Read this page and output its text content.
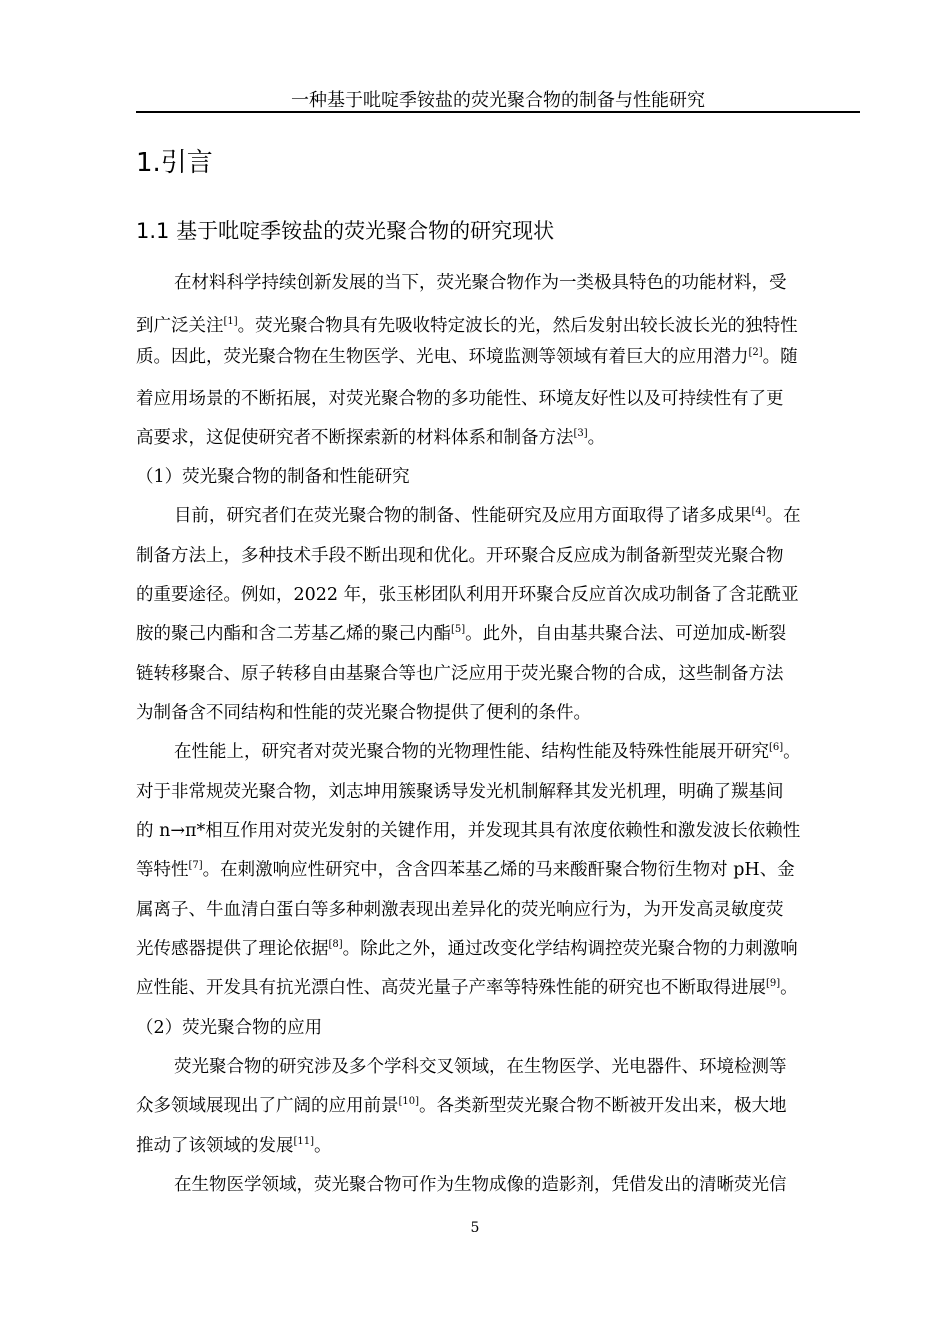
一种基于吡啶季铵盐的荧光聚合物的制备与性能研究
1.引言
1.1 基于吡啶季铵盐的荧光聚合物的研究现状
在材料科学持续创新发展的当下，荧光聚合物作为一类极具特色的功能材料，受
到广泛关注[1]。荧光聚合物具有先吸收特定波长的光，然后发射出较长波长光的独特性
质。因此，荧光聚合物在生物医学、光电、环境监测等领域有着巨大的应用潜力[2]。随
着应用场景的不断拓展，对荧光聚合物的多功能性、环境友好性以及可持续性有了更
高要求，这促使研究者不断探索新的材料体系和制备方法[3]。
（1）荧光聚合物的制备和性能研究
目前，研究者们在荧光聚合物的制备、性能研究及应用方面取得了诸多成果[4]。在
制备方法上，多种技术手段不断出现和优化。开环聚合反应成为制备新型荧光聚合物
的重要途径。例如，2022 年，张玉彬团队利用开环聚合反应首次成功制备了含苝酰亚
胺的聚己内酯和含二芳基乙烯的聚己内酯[5]。此外，自由基共聚合法、可逆加成-断裂
链转移聚合、原子转移自由基聚合等也广泛应用于荧光聚合物的合成，这些制备方法
为制备含不同结构和性能的荧光聚合物提供了便利的条件。
在性能上，研究者对荧光聚合物的光物理性能、结构性能及特殊性能展开研究[6]。
对于非常规荧光聚合物，刘志坤用簇聚诱导发光机制解释其发光机理，明确了羰基间
的 n→π*相互作用对荧光发射的关键作用，并发现其具有浓度依赖性和激发波长依赖性
等特性[7]。在刺激响应性研究中，含含四苯基乙烯的马来酸酐聚合物衍生物对 pH、金
属离子、牛血清白蛋白等多种刺激表现出差异化的荧光响应行为，为开发高灵敏度荧
光传感器提供了理论依据[8]。除此之外，通过改变化学结构调控荧光聚合物的力刺激响
应性能、开发具有抗光漂白性、高荧光量子产率等特殊性能的研究也不断取得进展[9]。
（2）荧光聚合物的应用
荧光聚合物的研究涉及多个学科交叉领域，在生物医学、光电器件、环境检测等
众多领域展现出了广阔的应用前景[10]。各类新型荧光聚合物不断被开发出来，极大地
推动了该领域的发展[11]。
在生物医学领域，荧光聚合物可作为生物成像的造影剂，凭借发出的清晰荧光信
5
